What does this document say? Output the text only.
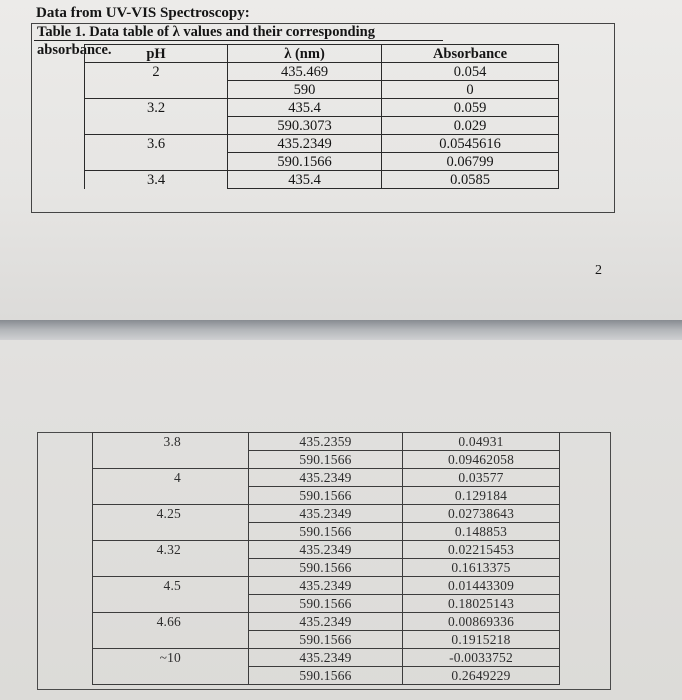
Data from UV-VIS Spectroscopy:
Table 1. Data table of λ values and their corresponding absorbance.	pH	λ (nm)	Absorbance
2	435.469	0.054
	590	0
3.2	435.4	0.059
	590.3073	0.029
3.6	435.2349	0.0545616
	590.1566	0.06799
3.4	435.4	0.0585
2
3.8	435.2359	0.04931
	590.1566	0.09462058
4	435.2349	0.03577
	590.1566	0.129184
4.25	435.2349	0.02738643
	590.1566	0.148853
4.32	435.2349	0.02215453
	590.1566	0.1613375
4.5	435.2349	0.01443309
	590.1566	0.18025143
4.66	435.2349	0.00869336
	590.1566	0.1915218
~10	435.2349	-0.0033752
	590.1566	0.2649229
